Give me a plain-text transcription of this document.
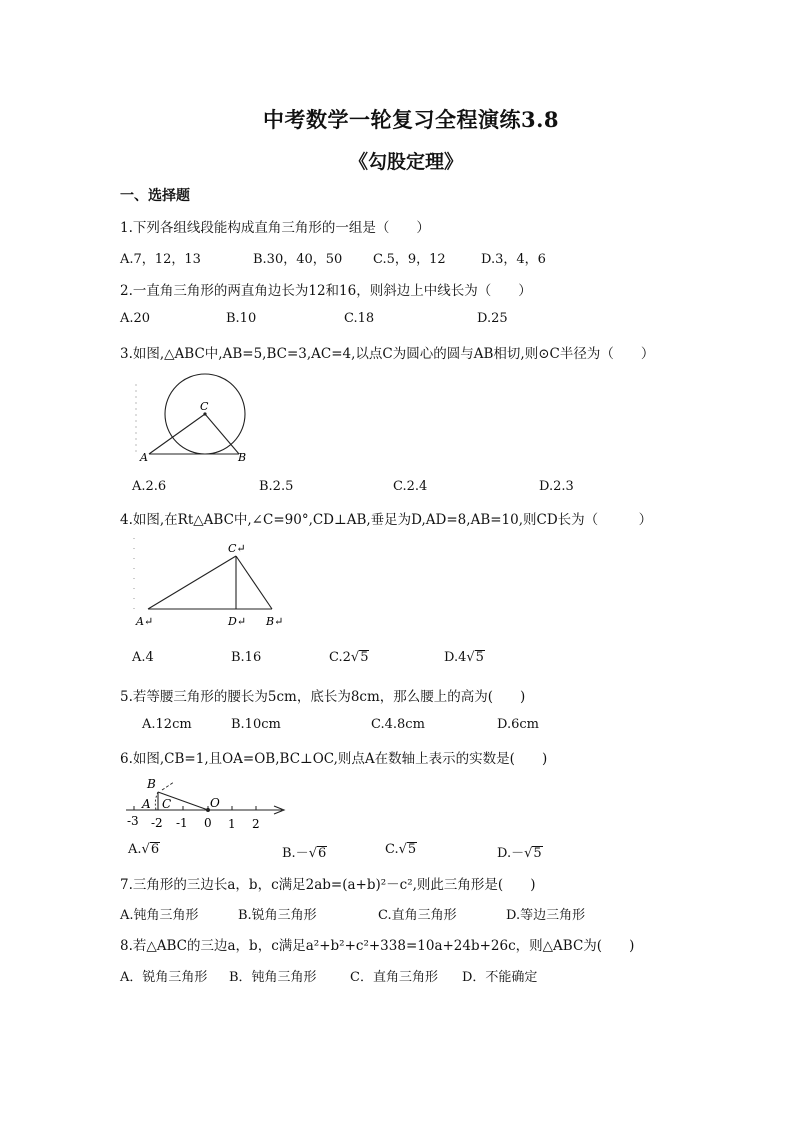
中考数学一轮复习全程演练3.8
《勾股定理》
一、选择题
1.下列各组线段能构成直角三角形的一组是（　　）
A.7，12，13	B.30，40，50 C.5，9，12	D.3，4，6
2.一直角三角形的两直角边长为12和16，则斜边上中线长为（　　）
A.20	B.10	C.18	D.25
3.如图,△ABC中,AB=5,BC=3,AC=4,以点C为圆心的圆与AB相切,则⊙C半径为（　　）
C
A	B
A.2.6	B.2.5	C.2.4	D.2.3
4.如图,在Rt△ABC中,∠C=90°,CD⊥AB,垂足为D,AD=8,AB=10,则CD长为（　　　）
C↵
A↵	D↵ B↵
A.4	B.16	C.2√5	D.4√5
5.若等腰三角形的腰长为5cm，底长为8cm，那么腰上的高为(　　)
A.12cm	B.10cm	C.4.8cm	D.6cm
6.如图,CB=1,且OA=OB,BC⊥OC,则点A在数轴上表示的实数是(　　)
B
A C	O
-3 -2 -1 0 1 2
A.√6	B.－√6	C.√5	D.－√5
7.三角形的三边长a，b，c满足2ab=(a+b)²－c²,则此三角形是(　　)
A.钝角三角形	B.锐角三角形	C.直角三角形	D.等边三角形
8.若△ABC的三边a，b，c满足a²+b²+c²+338=10a+24b+26c，则△ABC为(　　)
A．锐角三角形 B．钝角三角形	C．直角三角形 D．不能确定
